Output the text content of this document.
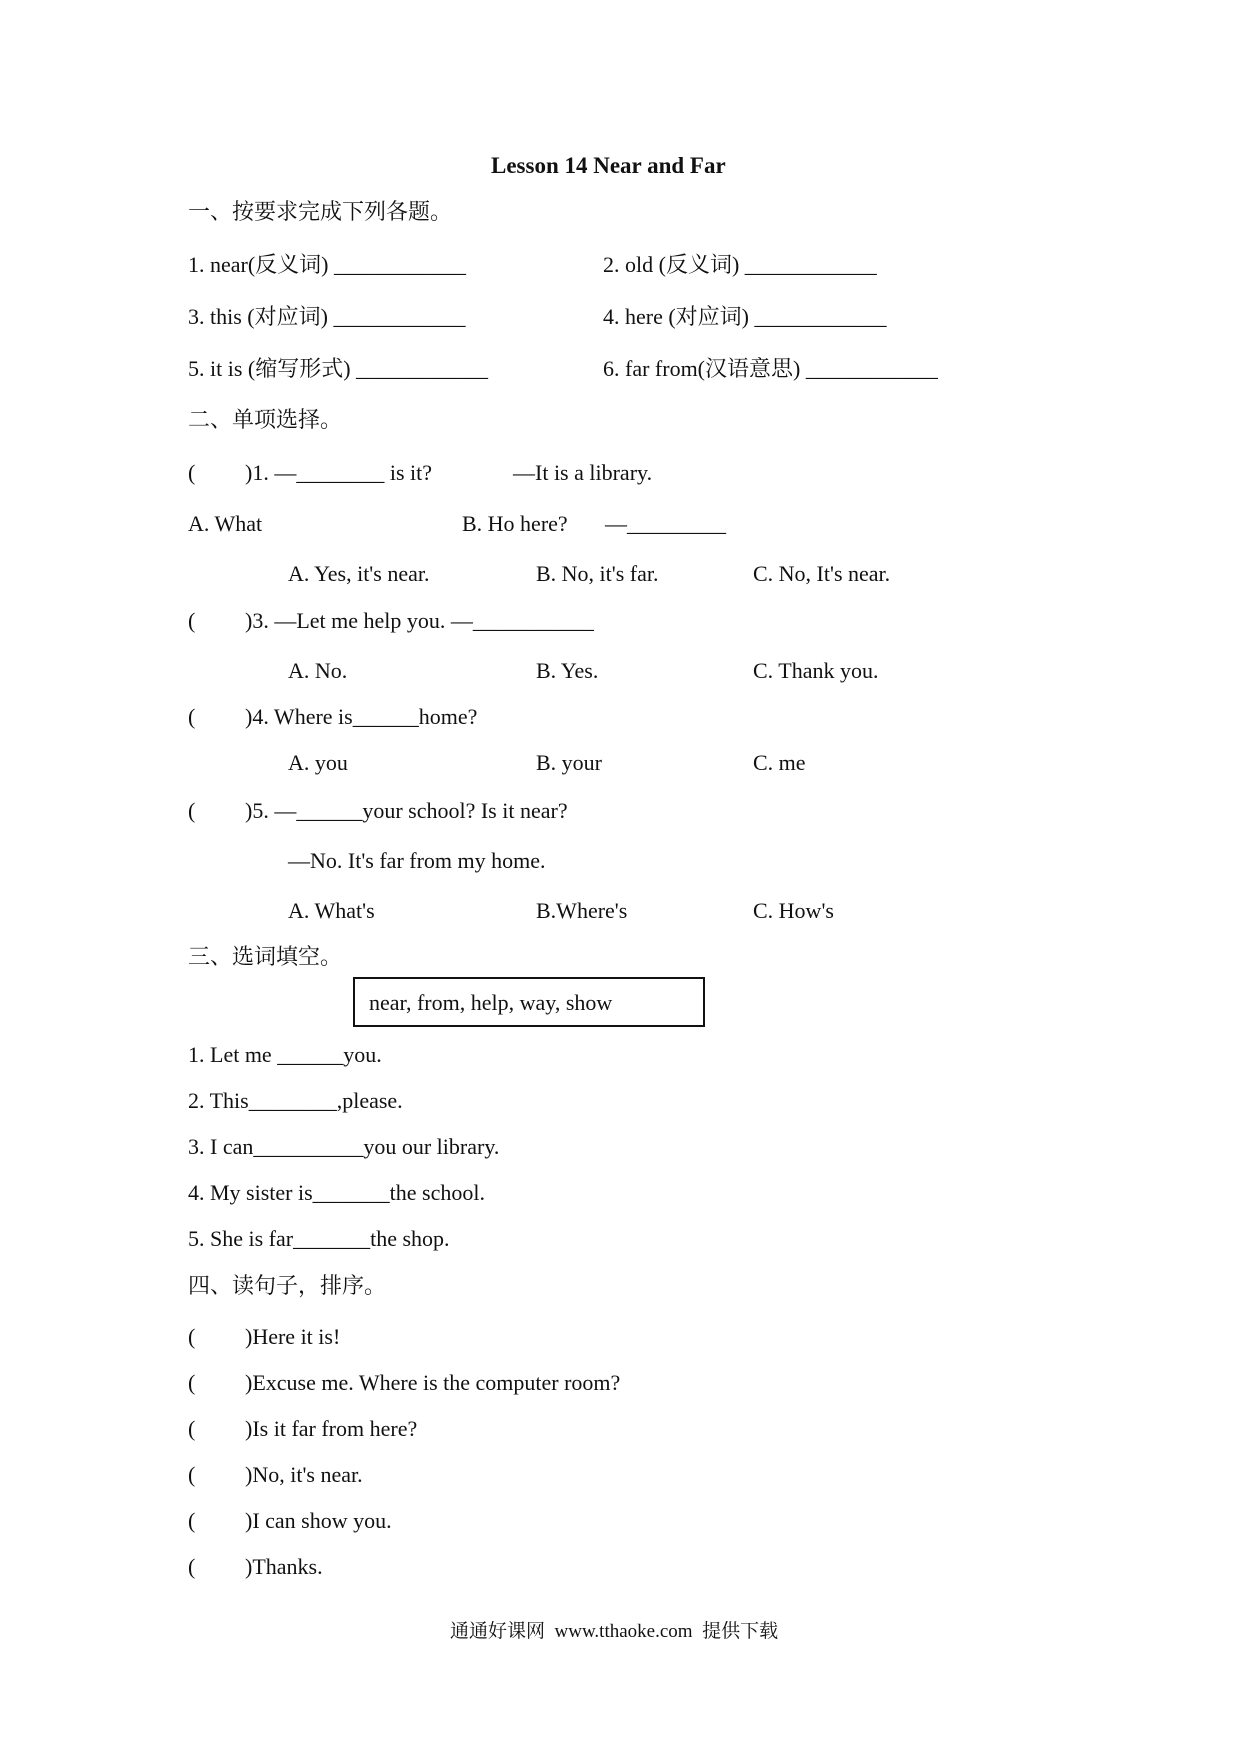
Lesson 14 Near and Far
一、按要求完成下列各题。
1. near(反义词) ____________	2. old (反义词) ____________
3. this (对应词) ____________	4. here (对应词) ____________
5. it is (缩写形式) ____________	6. far from(汉语意思) ____________
二、单项选择。
( )1. —________ is it?	—It is a library.
A. What	B. Ho here? —_________
A. Yes, it's near.	B. No, it's far.	C. No, It's near.
( )3. —Let me help you. —___________
A. No.	B. Yes.	C. Thank you.
( )4. Where is______home?
A. you	B. your	C. me
( )5. —______your school? Is it near?
—No. It's far from my home.
A. What's	B.Where's	C. How's
三、选词填空。
near, from, help, way, show
1. Let me ______you.
2. This________,please.
3. I can__________you our library.
4. My sister is_______the school.
5. She is far_______the shop.
四、读句子，排序。
( )Here it is!
( )Excuse me. Where is the computer room?
( )Is it far from here?
( )No, it's near.
( )I can show you.
( )Thanks.
通通好课网  www.tthaoke.com  提供下载
